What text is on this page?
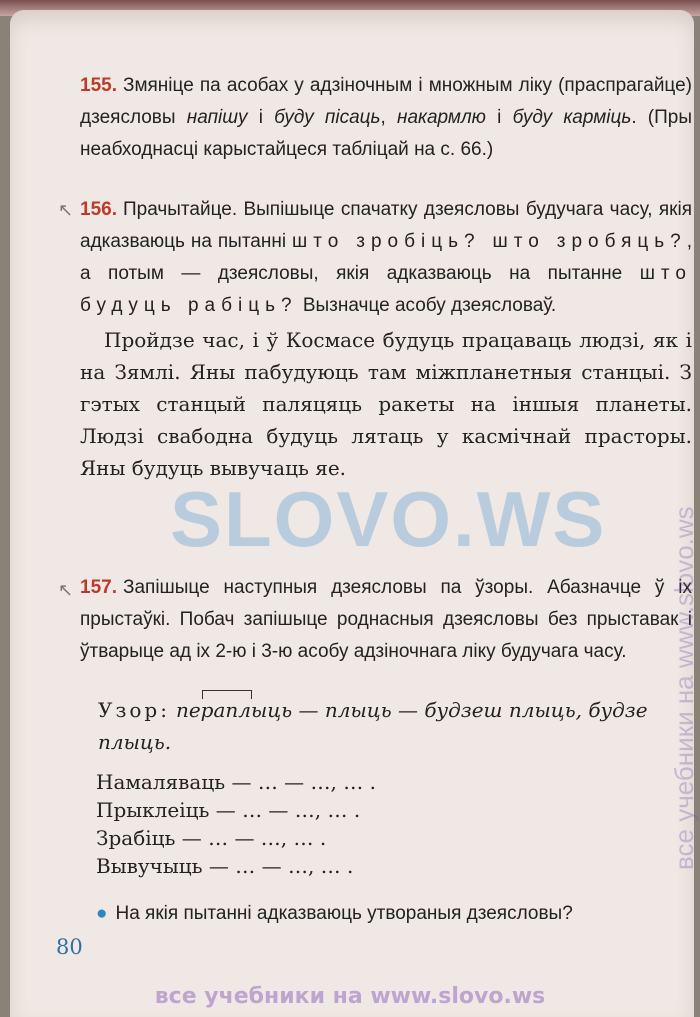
155. Змяніце па асобах у адзіночным і множным ліку (праспрагайце) дзеясловы напішу і буду пісаць, накармлю і буду карміць. (Пры неабходнасці карыстайцеся табліцай на с. 66.)
↖ 156. Прачытайце. Выпішыце спачатку дзеясловы будучага часу, якія адказваюць на пытанні што зробіць? што зробяць?, а потым — дзеясловы, якія адказваюць на пытанне што будуць рабіць? Вызначце асобу дзеясловаў.
Пройдзе час, і ў Космасе будуць працаваць людзі, як і на Зямлі. Яны пабудуюць там міжпланетныя станцыі. З гэтых станцый паляцяць ракеты на іншыя планеты. Людзі свабодна будуць лятаць у касмічнай прасторы. Яны будуць вывучаць яе.
SLOVO.WS
↖ 157. Запішыце наступныя дзеясловы па ўзоры. Абазначце ў іх прыстаўкі. Побач запішыце роднасныя дзеясловы без прыставак і ўтварыце ад іх 2-ю і 3-ю асобу адзіночнага ліку будучага часу.
Узор: пераплыць — плыць — будзеш плыць, будзе плыць.
Намаляваць — … — …, … .
Прыклеіць — … — …, … .
Зрабіць — … — …, … .
Вывучыць — … — …, … .
● На якія пытанні адказваюць утвораныя дзеясловы?
80
все учебники на www.slovo.ws
все учебники на www.slovo.ws
